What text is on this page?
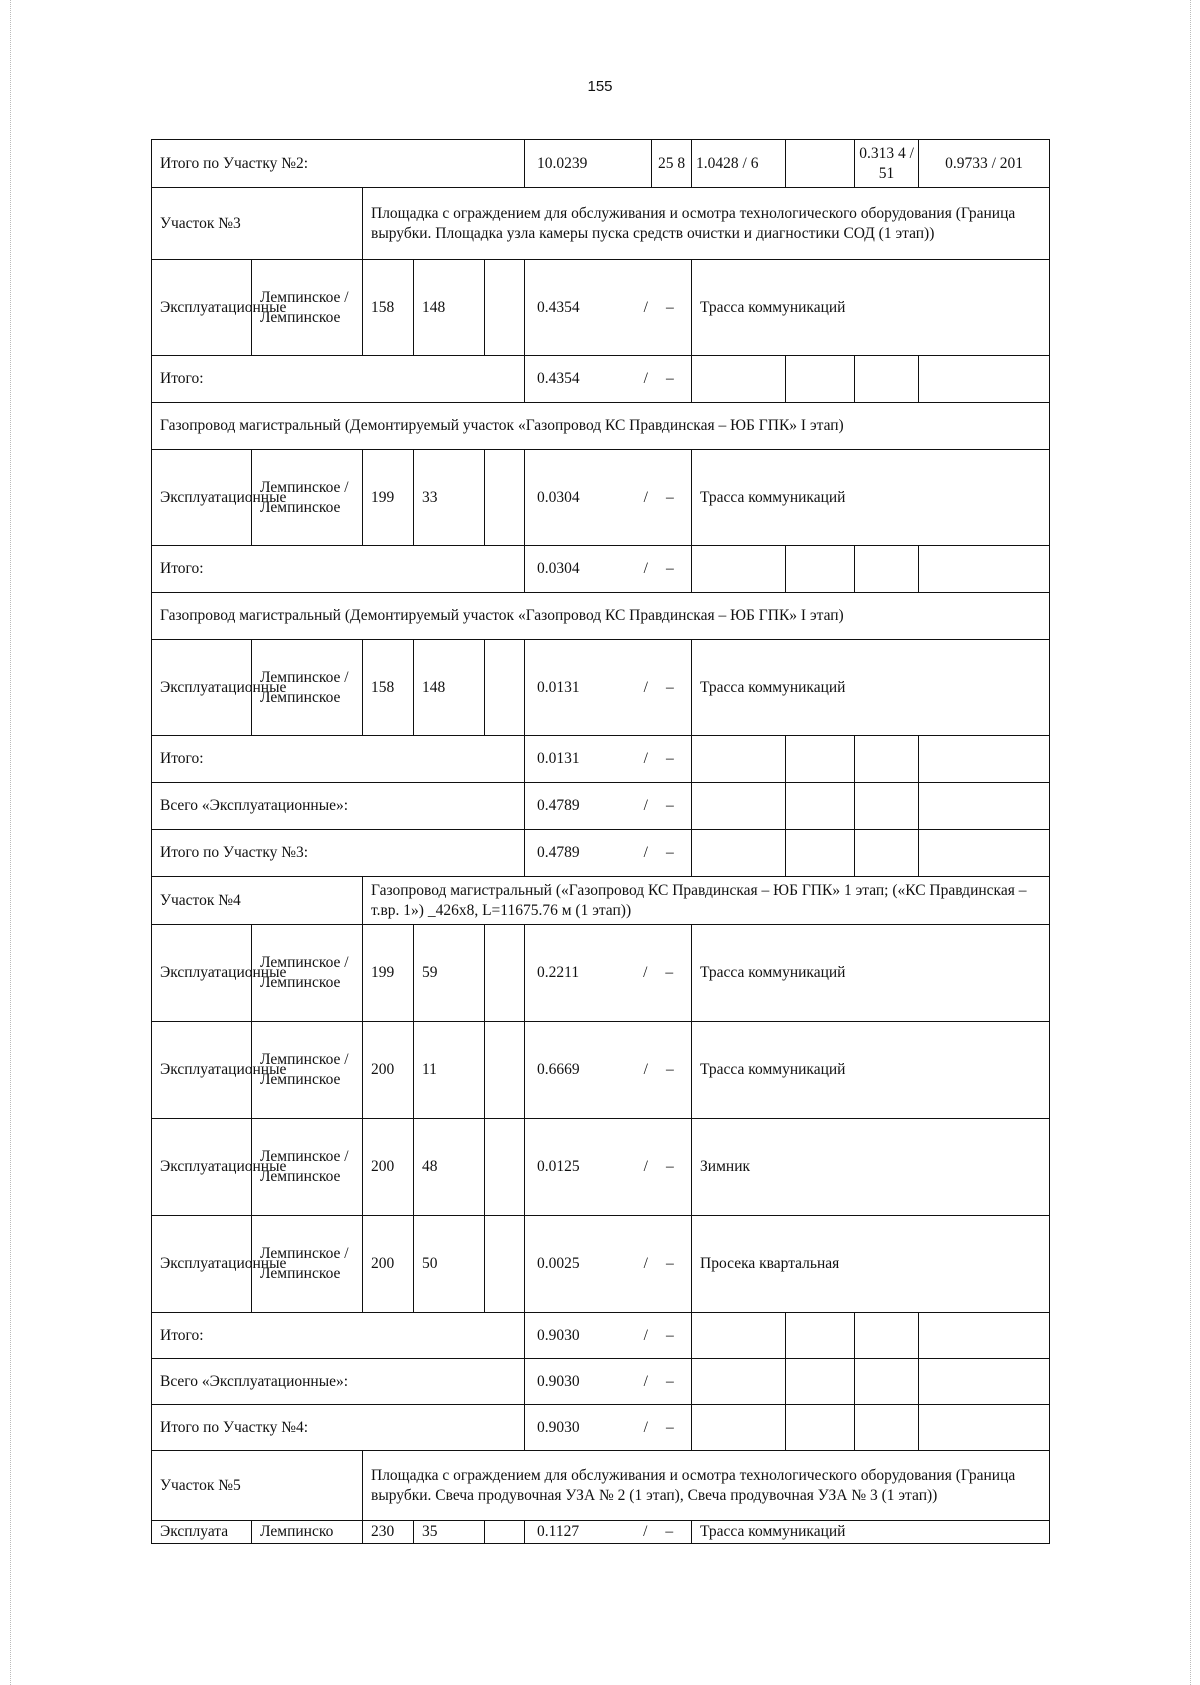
155
Итого по Участку №2:					10.0239	25 8	1.0428 / 6		0.313 4 / 51	0.9733 / 201
Участок №3		Площадка с ограждением для обслуживания и осмотра технологического оборудования (Граница вырубки. Площадка узла камеры пуска средств очистки и диагностики СОД (1 этап))								
Эксплуатационные	Лемпинское / Лемпинское	158	148		0.4354 / –		Трасса коммуникаций			
Итого:					0.4354 / –					
Газопровод магистральный (Демонтируемый участок «Газопровод КС Правдинская – ЮБ ГПК» I этап)										
Эксплуатационные	Лемпинское / Лемпинское	199	33		0.0304 / –		Трасса коммуникаций			
Итого:					0.0304 / –					
Газопровод магистральный (Демонтируемый участок «Газопровод КС Правдинская – ЮБ ГПК» I этап)										
Эксплуатационные	Лемпинское / Лемпинское	158	148		0.0131 / –		Трасса коммуникаций			
Итого:					0.0131 / –					
Всего «Эксплуатационные»:					0.4789 / –					
Итого по Участку №3:					0.4789 / –					
Участок №4		Газопровод магистральный («Газопровод КС Правдинская – ЮБ ГПК» 1 этап; («КС Правдинская – т.вр. 1») _426х8, L=11675.76 м (1 этап))								
Эксплуатационные	Лемпинское / Лемпинское	199	59		0.2211 / –		Трасса коммуникаций			
Эксплуатационные	Лемпинское / Лемпинское	200	11		0.6669 / –		Трасса коммуникаций			
Эксплуатационные	Лемпинское / Лемпинское	200	48		0.0125 / –		Зимник			
Эксплуатационные	Лемпинское / Лемпинское	200	50		0.0025 / –		Просека квартальная			
Итого:					0.9030 / –					
Всего «Эксплуатационные»:					0.9030 / –					
Итого по Участку №4:					0.9030 / –					
Участок №5		Площадка с ограждением для обслуживания и осмотра технологического оборудования (Граница вырубки. Свеча продувочная УЗА № 2 (1 этап), Свеча продувочная УЗА № 3 (1 этап))								
Эксплуата	Лемпинско	230	35		0.1127 / –		Трасса коммуникаций			
